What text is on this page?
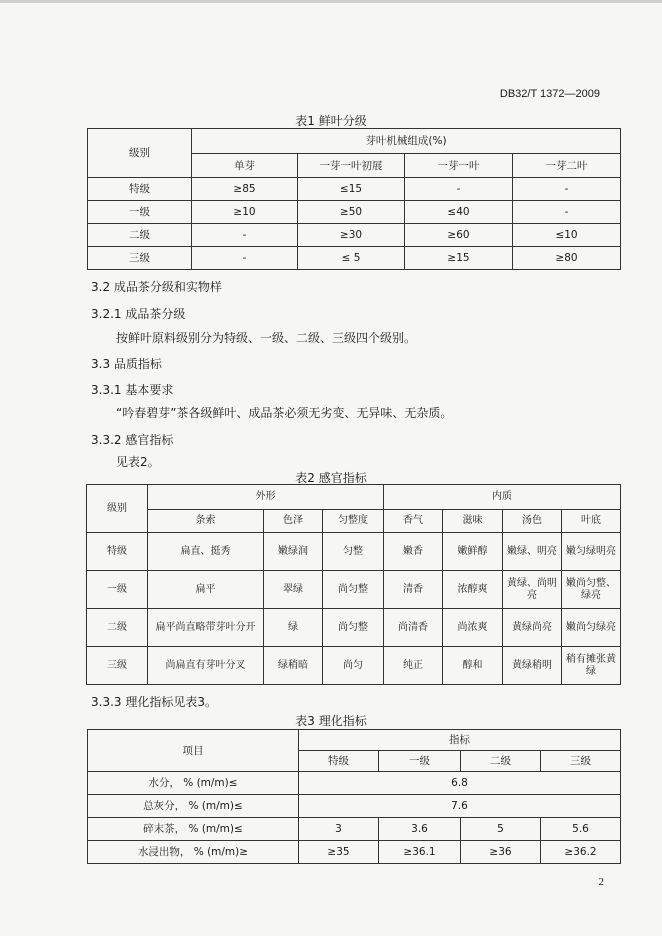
DB32/T 1372—2009
表1 鲜叶分级
级别	芽叶机械组成(%)			
	单芽	一芽一叶初展	一芽一叶	一芽二叶
特级	≥85	≤15	-	-
一级	≥10	≥50	≤40	-
二级	-	≥30	≥60	≤10
三级	-	≤ 5	≥15	≥80
3.2 成品茶分级和实物样
3.2.1 成品茶分级
按鲜叶原料级别分为特级、一级、二级、三级四个级别。
3.3 品质指标
3.3.1 基本要求
“吟春碧芽”茶各级鲜叶、成品茶必须无劣变、无异味、无杂质。
3.3.2 感官指标
见表2。
表2 感官指标
级别	外形			内质			
	条索	色泽	匀整度	香气	滋味	汤色	叶底
特级	扁直、挺秀	嫩绿润	匀整	嫩香	嫩鲜醇	嫩绿、明亮	嫩匀绿明亮
一级	扁平	翠绿	尚匀整	清香	浓醇爽	黄绿、尚明亮	嫩尚匀整、绿亮
二级	扁平尚直略带芽叶分开	绿	尚匀整	尚清香	尚浓爽	黄绿尚亮	嫩尚匀绿亮
三级	尚扁直有芽叶分叉	绿稍暗	尚匀	纯正	醇和	黄绿稍明	稍有摊张黄绿
3.3.3 理化指标见表3。
表3 理化指标
项目	指标			
	特级	一级	二级	三级
水分， % (m/m)≤	6.8			
总灰分， % (m/m)≤	7.6			
碎末茶， % (m/m)≤	3	3.6	5	5.6
水浸出物， % (m/m)≥	≥35	≥36.1	≥36	≥36.2
2
